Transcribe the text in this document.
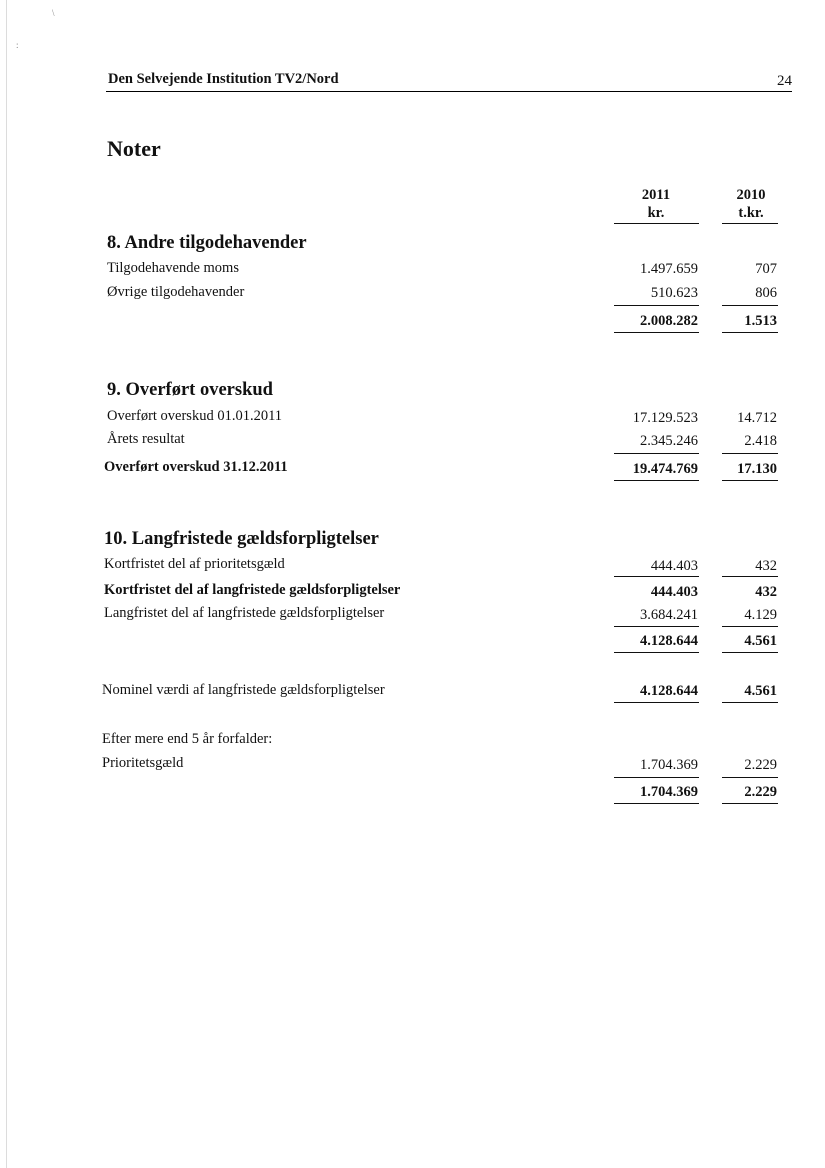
\
:
Den Selvejende Institution TV2/Nord	24
Noter
2011
kr.
2010
t.kr.
8. Andre tilgodehavender
Tilgodehavende moms	1.497.659	707
Øvrige tilgodehavender	510.623	806
2.008.282	1.513
9. Overført overskud
Overført overskud 01.01.2011	17.129.523	14.712
Årets resultat	2.345.246	2.418
Overført overskud 31.12.2011	19.474.769	17.130
10. Langfristede gældsforpligtelser
Kortfristet del af prioritetsgæld	444.403	432
Kortfristet del af langfristede gældsforpligtelser	444.403	432
Langfristet del af langfristede gældsforpligtelser	3.684.241	4.129
4.128.644	4.561
Nominel værdi af langfristede gældsforpligtelser	4.128.644	4.561
Efter mere end 5 år forfalder:
Prioritetsgæld	1.704.369	2.229
1.704.369	2.229
